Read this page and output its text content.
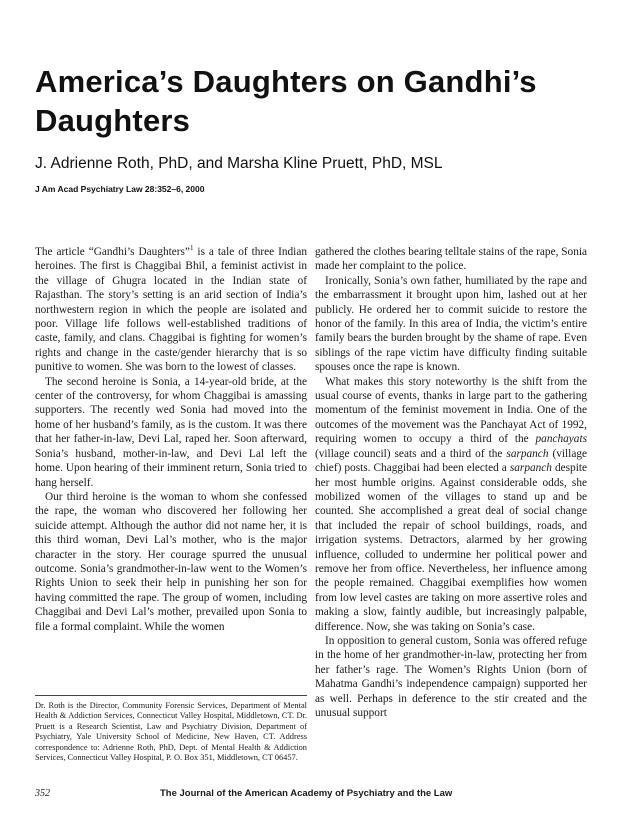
America’s Daughters on Gandhi’s Daughters
J. Adrienne Roth, PhD, and Marsha Kline Pruett, PhD, MSL
J Am Acad Psychiatry Law 28:352–6, 2000

The article “Gandhi’s Daughters”$^1$ is a tale of three Indian heroines. The first is Chaggibai Bhil, a feminist activist in the village of Ghugra located in the Indian state of Rajasthan. The story’s setting is an arid section of India’s northwestern region in which the people are isolated and poor. Village life follows well-established traditions of caste, family, and clans. Chaggibai is fighting for women’s rights and change in the caste/gender hierarchy that is so punitive to women. She was born to the lowest of classes.

The second heroine is Sonia, a 14-year-old bride, at the center of the controversy, for whom Chaggibai is amassing supporters. The recently wed Sonia had moved into the home of her husband’s family, as is the custom. It was there that her father-in-law, Devi Lal, raped her. Soon afterward, Sonia’s husband, mother-in-law, and Devi Lal left the home. Upon hearing of their imminent return, Sonia tried to hang herself.

Our third heroine is the woman to whom she confessed the rape, the woman who discovered her following her suicide attempt. Although the author did not name her, it is this third woman, Devi Lal’s mother, who is the major character in the story. Her courage spurred the unusual outcome. Sonia’s grandmother-in-law went to the Women’s Rights Union to seek their help in punishing her son for having committed the rape. The group of women, including Chaggibai and Devi Lal’s mother, prevailed upon Sonia to file a formal complaint. While the women

gathered the clothes bearing telltale stains of the rape, Sonia made her complaint to the police.

Ironically, Sonia’s own father, humiliated by the rape and the embarrassment it brought upon him, lashed out at her publicly. He ordered her to commit suicide to restore the honor of the family. In this area of India, the victim’s entire family bears the burden brought by the shame of rape. Even siblings of the rape victim have difficulty finding suitable spouses once the rape is known.

What makes this story noteworthy is the shift from the usual course of events, thanks in large part to the gathering momentum of the feminist movement in India. One of the outcomes of the movement was the Panchayat Act of 1992, requiring women to occupy a third of the panchayats (village council) seats and a third of the sarpanch (village chief) posts. Chaggibai had been elected a sarpanch despite her most humble origins. Against considerable odds, she mobilized women of the villages to stand up and be counted. She accomplished a great deal of social change that included the repair of school buildings, roads, and irrigation systems. Detractors, alarmed by her growing influence, colluded to undermine her political power and remove her from office. Nevertheless, her influence among the people remained. Chaggibai exemplifies how women from low level castes are taking on more assertive roles and making a slow, faintly audible, but increasingly palpable, difference. Now, she was taking on Sonia’s case.

In opposition to general custom, Sonia was offered refuge in the home of her grandmother-in-law, protecting her from her father’s rage. The Women’s Rights Union (born of Mahatma Gandhi’s independence campaign) supported her as well. Perhaps in deference to the stir created and the unusual support

Dr. Roth is the Director, Community Forensic Services, Department of Mental Health & Addiction Services, Connecticut Valley Hospital, Middletown, CT. Dr. Pruett is a Research Scientist, Law and Psychiatry Division, Department of Psychiatry, Yale University School of Medicine, New Haven, CT. Address correspondence to: Adrienne Roth, PhD, Dept. of Mental Health & Addiction Services, Connecticut Valley Hospital, P. O. Box 351, Middletown, CT 06457.
352	The Journal of the American Academy of Psychiatry and the Law
